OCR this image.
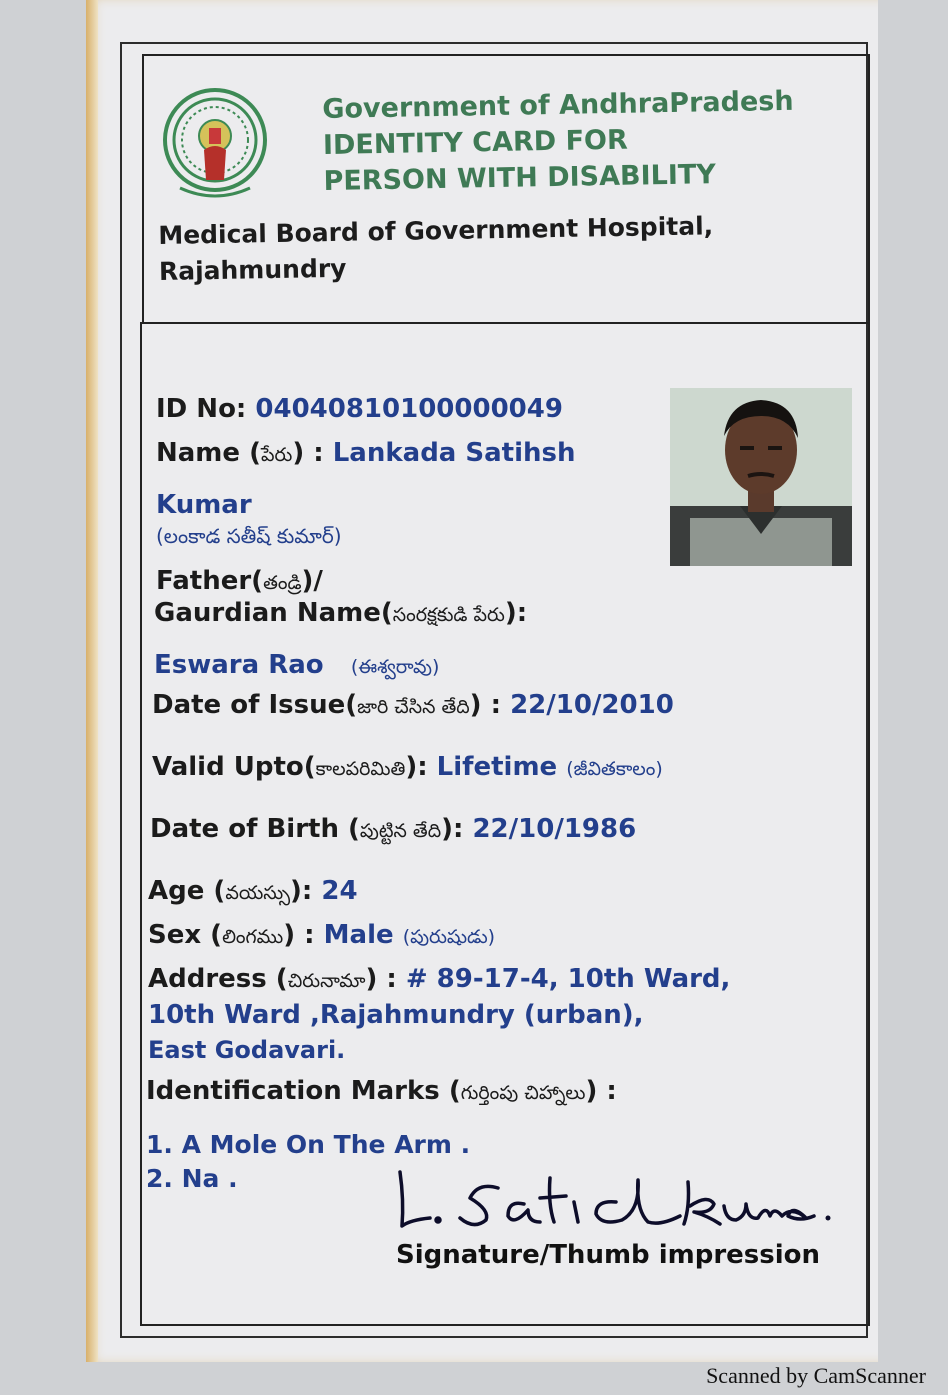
Government of AndhraPradesh
IDENTITY CARD FOR
PERSON WITH DISABILITY
Medical Board of Government Hospital,
Rajahmundry
ID No: 04040810100000049
Name (పేరు) : Lankada Satihsh
Kumar
(లంకాడ సతీష్ కుమార్)
Father(తండ్రి)/
Gaurdian Name(సంరక్షకుడి పేరు):
Eswara Rao (ఈశ్వరావు)
Date of Issue(జారి చేసిన తేది) : 22/10/2010
Valid Upto(కాలపరిమితి): Lifetime (జీవితకాలం)
Date of Birth (పుట్టిన తేది): 22/10/1986
Age (వయస్సు): 24
Sex (లింగము) : Male (పురుషుడు)
Address (చిరునామా) : # 89-17-4, 10th Ward,
10th Ward ,Rajahmundry (urban),
East Godavari.
Identification Marks (గుర్తింపు చిహ్నాలు) :
1. A Mole On The Arm .
2. Na .
Signature/Thumb impression
Scanned by CamScanner
